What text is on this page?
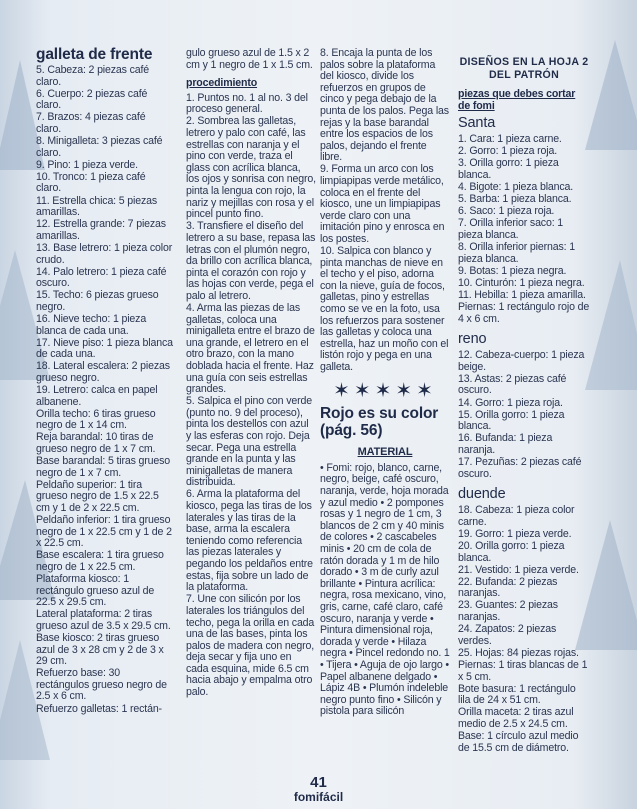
galleta de frente

5. Cabeza: 2 piezas café claro.

6. Cuerpo: 2 piezas café claro.

7. Brazos: 4 piezas café claro.

8. Minigalleta: 3 piezas café claro.

9. Pino: 1 pieza verde.

10. Tronco: 1 pieza café claro.

11. Estrella chica: 5 piezas amarillas.

12. Estrella grande: 7 piezas amarillas.

13. Base letrero: 1 pieza color crudo.

14. Palo letrero: 1 pieza café oscuro.

15. Techo: 6 piezas grueso negro.

16. Nieve techo: 1 pieza blanca de cada una.

17. Nieve piso: 1 pieza blanca de cada una.

18. Lateral escalera: 2 piezas grueso negro.

19. Letrero: calca en papel albanene.

Orilla techo: 6 tiras grueso negro de 1 x 14 cm.

Reja barandal: 10 tiras de grueso negro de 1 x 7 cm.

Base barandal: 5 tiras grueso negro de 1 x 7 cm.

Peldaño superior: 1 tira grueso negro de 1.5 x 22.5 cm y 1 de 2 x 22.5 cm.

Peldaño inferior: 1 tira grueso negro de 1 x 22.5 cm y 1 de 2 x 22.5 cm.

Base escalera: 1 tira grueso negro de 1 x 22.5 cm.

Plataforma kiosco: 1 rectángulo grueso azul de 22.5 x 29.5 cm.

Lateral plataforma: 2 tiras grueso azul de 3.5 x 29.5 cm.

Base kiosco: 2 tiras grueso azul de 3 x 28 cm y 2 de 3 x 29 cm.

Refuerzo base: 30 rectángulos grueso negro de 2.5 x 6 cm.

Refuerzo galletas: 1 rectán-

gulo grueso azul de 1.5 x 2 cm y 1 negro de 1 x 1.5 cm.

procedimiento

1. Puntos no. 1 al no. 3 del proceso general.

2. Sombrea las galletas, letrero y palo con café, las estrellas con naranja y el pino con verde, traza el glass con acrílica blanca, los ojos y sonrisa con negro, pinta la lengua con rojo, la nariz y mejillas con rosa y el pincel punto fino.

3. Transfiere el diseño del letrero a su base, repasa las letras con el plumón negro, da brillo con acrílica blanca, pinta el corazón con rojo y las hojas con verde, pega el palo al letrero.

4. Arma las piezas de las galletas, coloca una minigalleta entre el brazo de una grande, el letrero en el otro brazo, con la mano doblada hacia el frente. Haz una guía con seis estrellas grandes.

5. Salpica el pino con verde (punto no. 9 del proceso), pinta los destellos con azul y las esferas con rojo. Deja secar. Pega una estrella grande en la punta y las minigalletas de manera distribuida.

6. Arma la plataforma del kiosco, pega las tiras de los laterales y las tiras de la base, arma la escalera teniendo como referencia las piezas laterales y pegando los peldaños entre estas, fija sobre un lado de la plataforma.

7. Une con silicón por los laterales los triángulos del techo, pega la orilla en cada una de las bases, pinta los palos de madera con negro, deja secar y fija uno en cada esquina, mide 6.5 cm hacia abajo y empalma otro palo.

8. Encaja la punta de los palos sobre la plataforma del kiosco, divide los refuerzos en grupos de cinco y pega debajo de la punta de los palos. Pega las rejas y la base barandal entre los espacios de los palos, dejando el frente libre.

9. Forma un arco con los limpiapipas verde metálico, coloca en el frente del kiosco, une un limpiapipas verde claro con una imitación pino y enrosca en los postes.

10. Salpica con blanco y pinta manchas de nieve en el techo y el piso, adorna con la nieve, guía de focos, galletas, pino y estrellas como se ve en la foto, usa los refuerzos para sostener las galletas y coloca una estrella, haz un moño con el listón rojo y pega en una galleta.

✶✶✶✶✶
Rojo es su color (pág. 56)
MATERIAL

• Fomi: rojo, blanco, carne, negro, beige, café oscuro, naranja, verde, hoja morada y azul medio • 2 pompones rosas y 1 negro de 1 cm, 3 blancos de 2 cm y 40 minis de colores • 2 cascabeles minis • 20 cm de cola de ratón dorada y 1 m de hilo dorado • 3 m de curly azul brillante • Pintura acrílica: negra, rosa mexicano, vino, gris, carne, café claro, café oscuro, naranja y verde • Pintura dimensional roja, dorada y verde • Hilaza negra • Pincel redondo no. 1 • Tijera • Aguja de ojo largo • Papel albanene delgado • Lápiz 4B • Plumón indeleble negro punto fino • Silicón y pistola para silicón

DISEÑOS EN LA HOJA 2 DEL PATRÓN
piezas que debes cortar de fomi
Santa

1. Cara: 1 pieza carne.

2. Gorro: 1 pieza roja.

3. Orilla gorro: 1 pieza blanca.

4. Bigote: 1 pieza blanca.

5. Barba: 1 pieza blanca.

6. Saco: 1 pieza roja.

7. Orilla inferior saco: 1 pieza blanca.

8. Orilla inferior piernas: 1 pieza blanca.

9. Botas: 1 pieza negra.

10. Cinturón: 1 pieza negra.

11. Hebilla: 1 pieza amarilla.

Piernas: 1 rectángulo rojo de 4 x 6 cm.

reno

12. Cabeza-cuerpo: 1 pieza beige.

13. Astas: 2 piezas café oscuro.

14. Gorro: 1 pieza roja.

15. Orilla gorro: 1 pieza blanca.

16. Bufanda: 1 pieza naranja.

17. Pezuñas: 2 piezas café oscuro.

duende

18. Cabeza: 1 pieza color carne.

19. Gorro: 1 pieza verde.

20. Orilla gorro: 1 pieza blanca.

21. Vestido: 1 pieza verde.

22. Bufanda: 2 piezas naranjas.

23. Guantes: 2 piezas naranjas.

24. Zapatos: 2 piezas verdes.

25. Hojas: 84 piezas rojas.

Piernas: 1 tiras blancas de 1 x 5 cm.

Bote basura: 1 rectángulo lila de 24 x 51 cm.

Orilla maceta: 2 tiras azul medio de 2.5 x 24.5 cm.

Base: 1 círculo azul medio de 15.5 cm de diámetro.

41
fomifácil
